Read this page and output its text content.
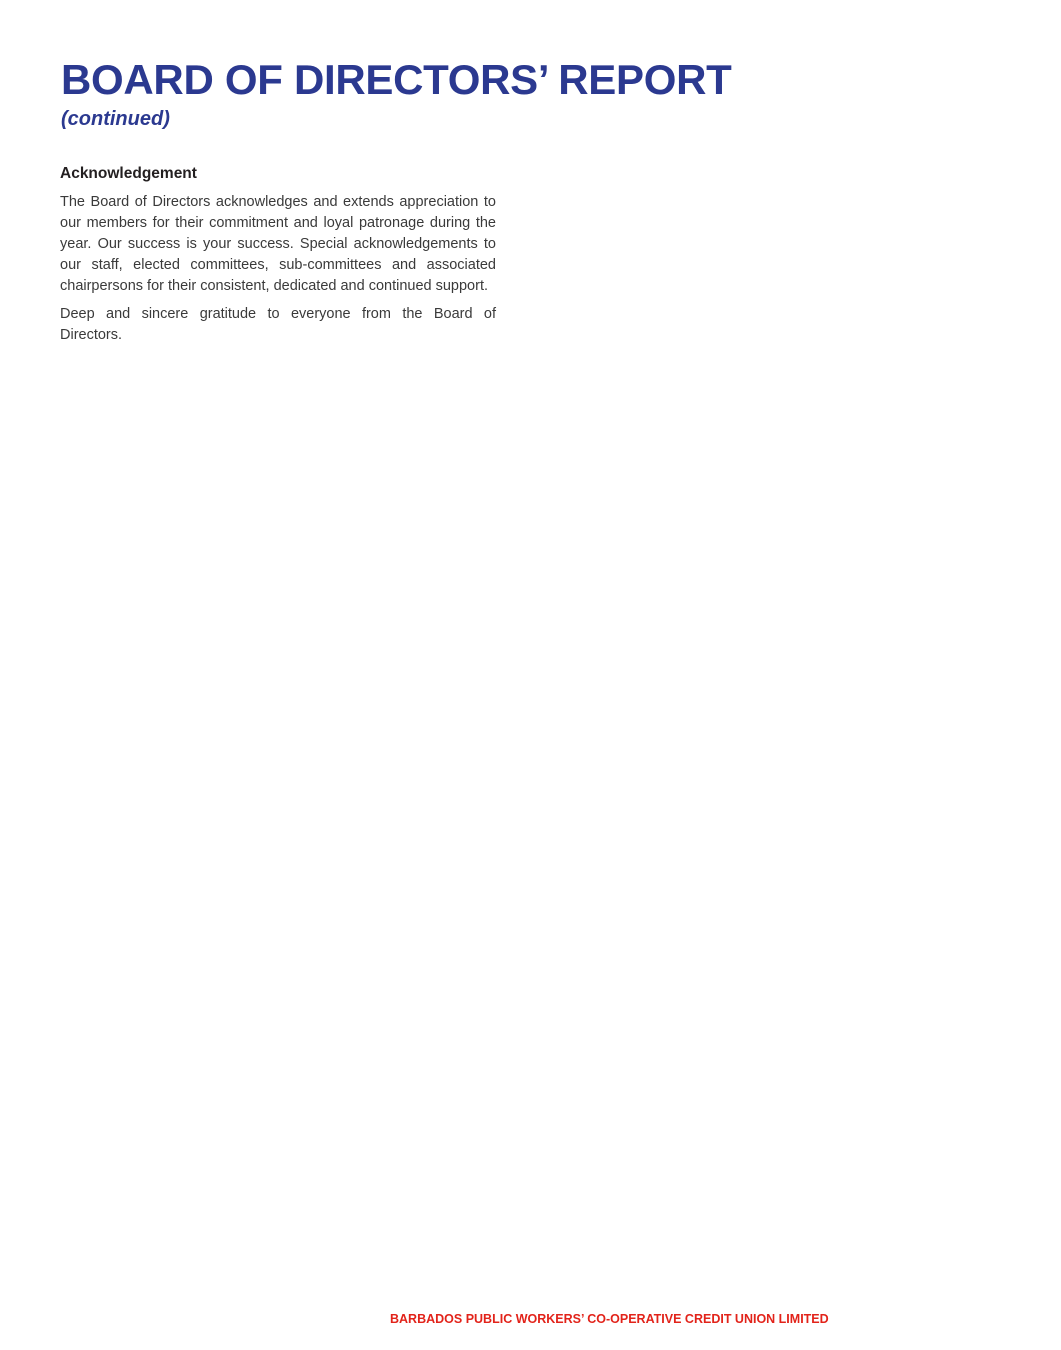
BOARD OF DIRECTORS’ REPORT

(continued)

Acknowledgement

The Board of Directors acknowledges and extends appreciation to our members for their commitment and loyal patronage during the year. Our success is your success. Special acknowledgements to our staff, elected committees, sub-committees and associated chairpersons for their consistent, dedicated and continued support.

Deep and sincere gratitude to everyone from the Board of Directors.

BARBADOS PUBLIC WORKERS’ CO-OPERATIVE CREDIT UNION LIMITED
